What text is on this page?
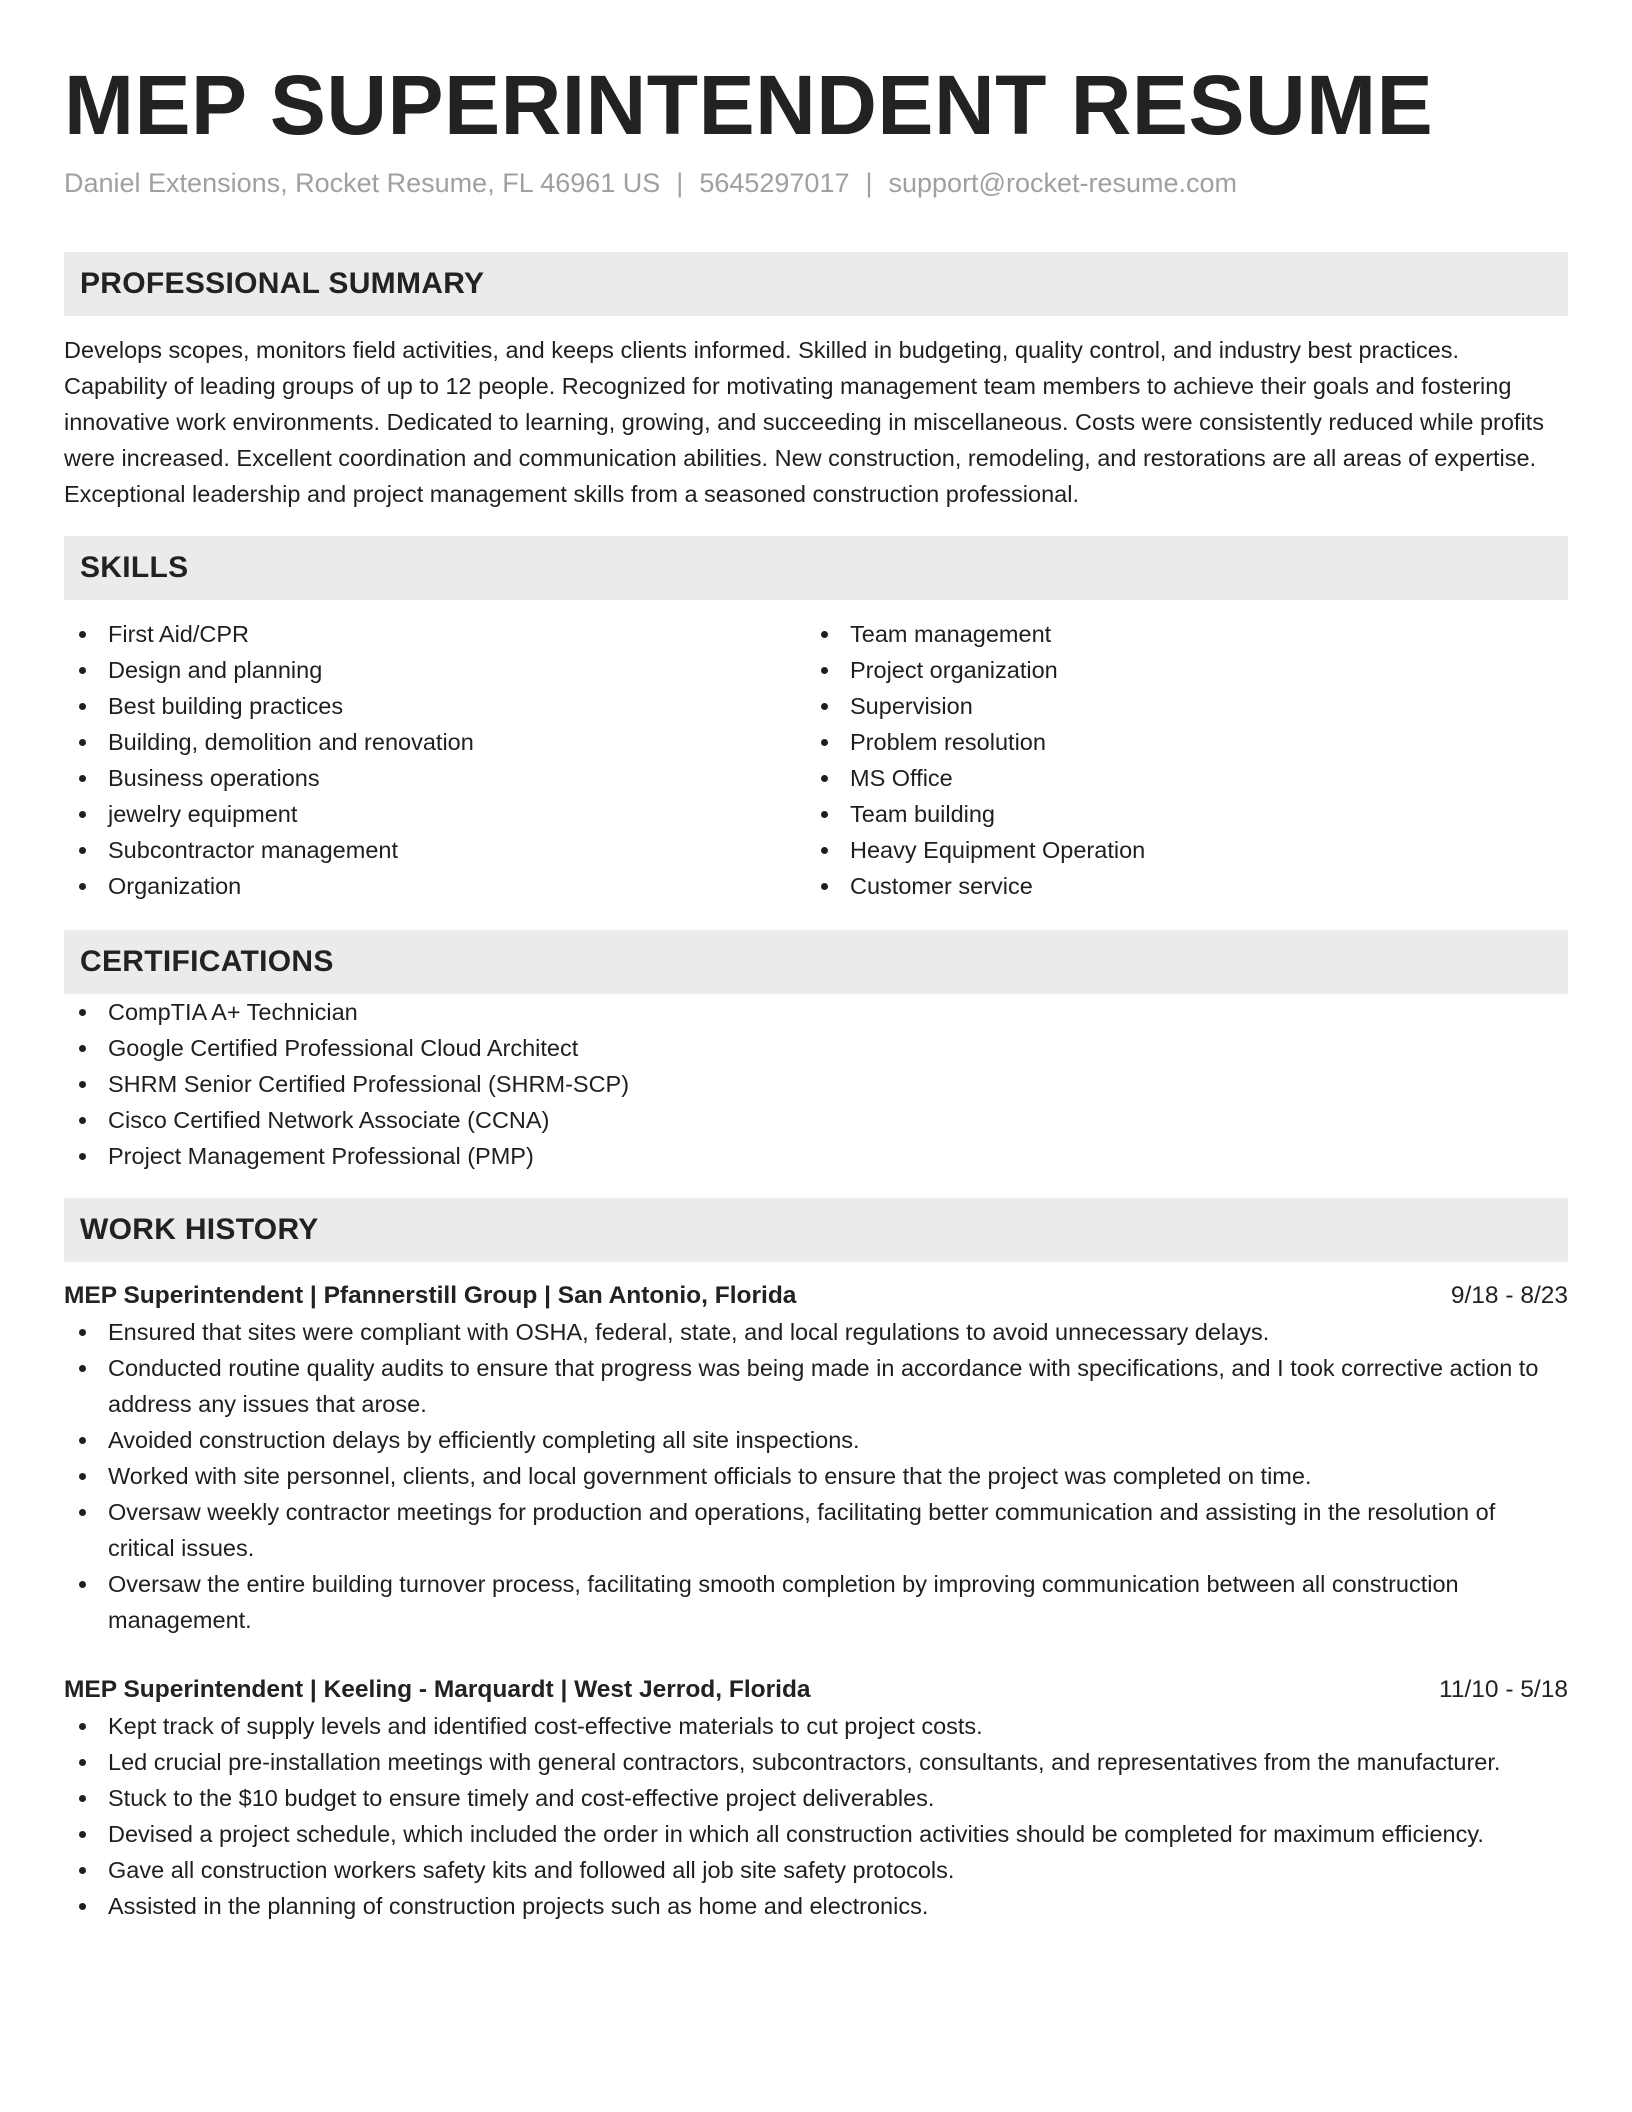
MEP SUPERINTENDENT RESUME
Daniel Extensions, Rocket Resume, FL 46961 US | 5645297017 | support@rocket-resume.com
PROFESSIONAL SUMMARY
Develops scopes, monitors field activities, and keeps clients informed. Skilled in budgeting, quality control, and industry best practices. Capability of leading groups of up to 12 people. Recognized for motivating management team members to achieve their goals and fostering innovative work environments. Dedicated to learning, growing, and succeeding in miscellaneous. Costs were consistently reduced while profits were increased. Excellent coordination and communication abilities. New construction, remodeling, and restorations are all areas of expertise. Exceptional leadership and project management skills from a seasoned construction professional.
SKILLS
First Aid/CPR
Design and planning
Best building practices
Building, demolition and renovation
Business operations
jewelry equipment
Subcontractor management
Organization
Team management
Project organization
Supervision
Problem resolution
MS Office
Team building
Heavy Equipment Operation
Customer service
CERTIFICATIONS
CompTIA A+ Technician
Google Certified Professional Cloud Architect
SHRM Senior Certified Professional (SHRM-SCP)
Cisco Certified Network Associate (CCNA)
Project Management Professional (PMP)
WORK HISTORY
MEP Superintendent | Pfannerstill Group | San Antonio, Florida	9/18 - 8/23
Ensured that sites were compliant with OSHA, federal, state, and local regulations to avoid unnecessary delays.
Conducted routine quality audits to ensure that progress was being made in accordance with specifications, and I took corrective action to address any issues that arose.
Avoided construction delays by efficiently completing all site inspections.
Worked with site personnel, clients, and local government officials to ensure that the project was completed on time.
Oversaw weekly contractor meetings for production and operations, facilitating better communication and assisting in the resolution of critical issues.
Oversaw the entire building turnover process, facilitating smooth completion by improving communication between all construction management.
MEP Superintendent | Keeling - Marquardt | West Jerrod, Florida	11/10 - 5/18
Kept track of supply levels and identified cost-effective materials to cut project costs.
Led crucial pre-installation meetings with general contractors, subcontractors, consultants, and representatives from the manufacturer.
Stuck to the $10 budget to ensure timely and cost-effective project deliverables.
Devised a project schedule, which included the order in which all construction activities should be completed for maximum efficiency.
Gave all construction workers safety kits and followed all job site safety protocols.
Assisted in the planning of construction projects such as home and electronics.
